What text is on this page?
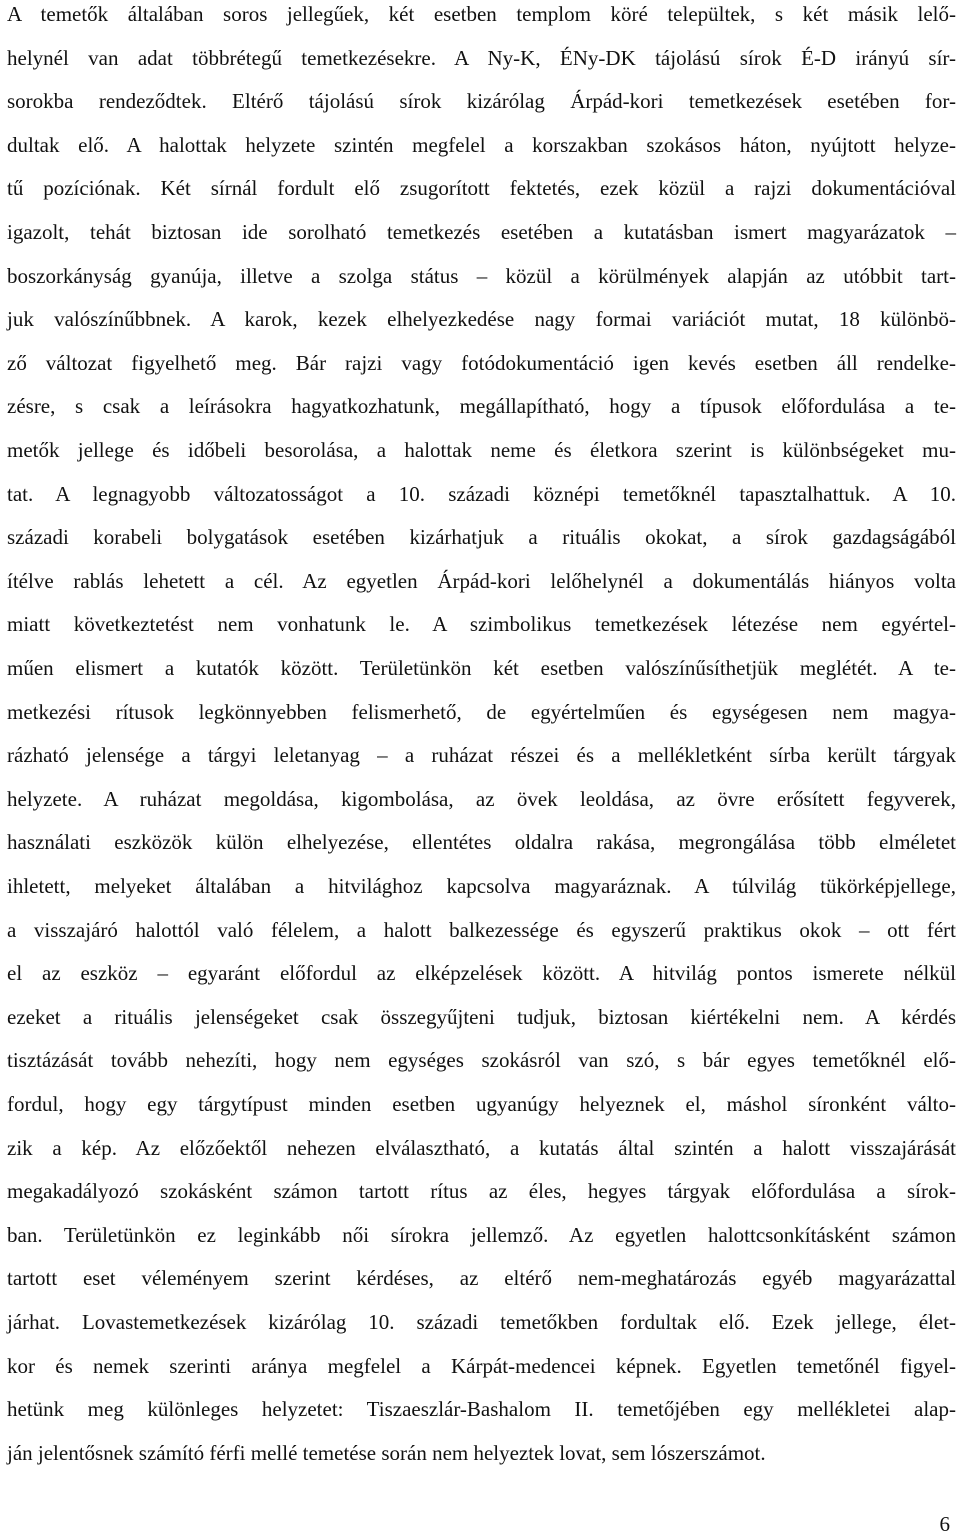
A temetők általában soros jellegűek, két esetben templom köré települtek, s két másik lelő-
helynél van adat többrétegű temetkezésekre. A Ny-K, ÉNy-DK tájolású sírok É-D irányú sír-
sorokba rendeződtek. Eltérő tájolású sírok kizárólag Árpád-kori temetkezések esetében for-
dultak elő. A halottak helyzete szintén megfelel a korszakban szokásos háton, nyújtott helyze-
tű pozíciónak. Két sírnál fordult elő zsugorított fektetés, ezek közül a rajzi dokumentációval
igazolt, tehát biztosan ide sorolható temetkezés esetében a kutatásban ismert magyarázatok –
boszorkányság gyanúja, illetve a szolga státus – közül a körülmények alapján az utóbbit tart-
juk valószínűbbnek. A karok, kezek elhelyezkedése nagy formai variációt mutat, 18 különbö-
ző változat figyelhető meg. Bár rajzi vagy fotódokumentáció igen kevés esetben áll rendelke-
zésre, s csak a leírásokra hagyatkozhatunk, megállapítható, hogy a típusok előfordulása a te-
metők jellege és időbeli besorolása, a halottak neme és életkora szerint is különbségeket mu-
tat. A legnagyobb változatosságot a 10. századi köznépi temetőknél tapasztalhattuk. A 10.
századi korabeli bolygatások esetében kizárhatjuk a rituális okokat, a sírok gazdagságából
ítélve rablás lehetett a cél. Az egyetlen Árpád-kori lelőhelynél a dokumentálás hiányos volta
miatt következtetést nem vonhatunk le. A szimbolikus temetkezések létezése nem egyértel-
műen elismert a kutatók között. Területünkön két esetben valószínűsíthetjük meglétét. A te-
metkezési rítusok legkönnyebben felismerhető, de egyértelműen és egységesen nem magya-
rázható jelensége a tárgyi leletanyag – a ruházat részei és a mellékletként sírba került tárgyak
helyzete. A ruházat megoldása, kigombolása, az övek leoldása, az övre erősített fegyverek,
használati eszközök külön elhelyezése, ellentétes oldalra rakása, megrongálása több elméletet
ihletett, melyeket általában a hitvilághoz kapcsolva magyaráznak. A túlvilág tükörképjellege,
a visszajáró halottól való félelem, a halott balkezessége és egyszerű praktikus okok – ott fért
el az eszköz – egyaránt előfordul az elképzelések között. A hitvilág pontos ismerete nélkül
ezeket a rituális jelenségeket csak összegyűjteni tudjuk, biztosan kiértékelni nem. A kérdés
tisztázását tovább nehezíti, hogy nem egységes szokásról van szó, s bár egyes temetőknél elő-
fordul, hogy egy tárgytípust minden esetben ugyanúgy helyeznek el, máshol síronként válto-
zik a kép. Az előzőektől nehezen elválasztható, a kutatás által szintén a halott visszajárását
megakadályozó szokásként számon tartott rítus az éles, hegyes tárgyak előfordulása a sírok-
ban. Területünkön ez leginkább női sírokra jellemző. Az egyetlen halottcsonkításként számon
tartott eset véleményem szerint kérdéses, az eltérő nem-meghatározás egyéb magyarázattal
járhat. Lovastemetkezések kizárólag 10. századi temetőkben fordultak elő. Ezek jellege, élet-
kor és nemek szerinti aránya megfelel a Kárpát-medencei képnek. Egyetlen temetőnél figyel-
hetünk meg különleges helyzetet: Tiszaeszlár-Bashalom II. temetőjében egy mellékletei alap-
ján jelentősnek számító férfi mellé temetése során nem helyeztek lovat, sem lószerszámot.
6
